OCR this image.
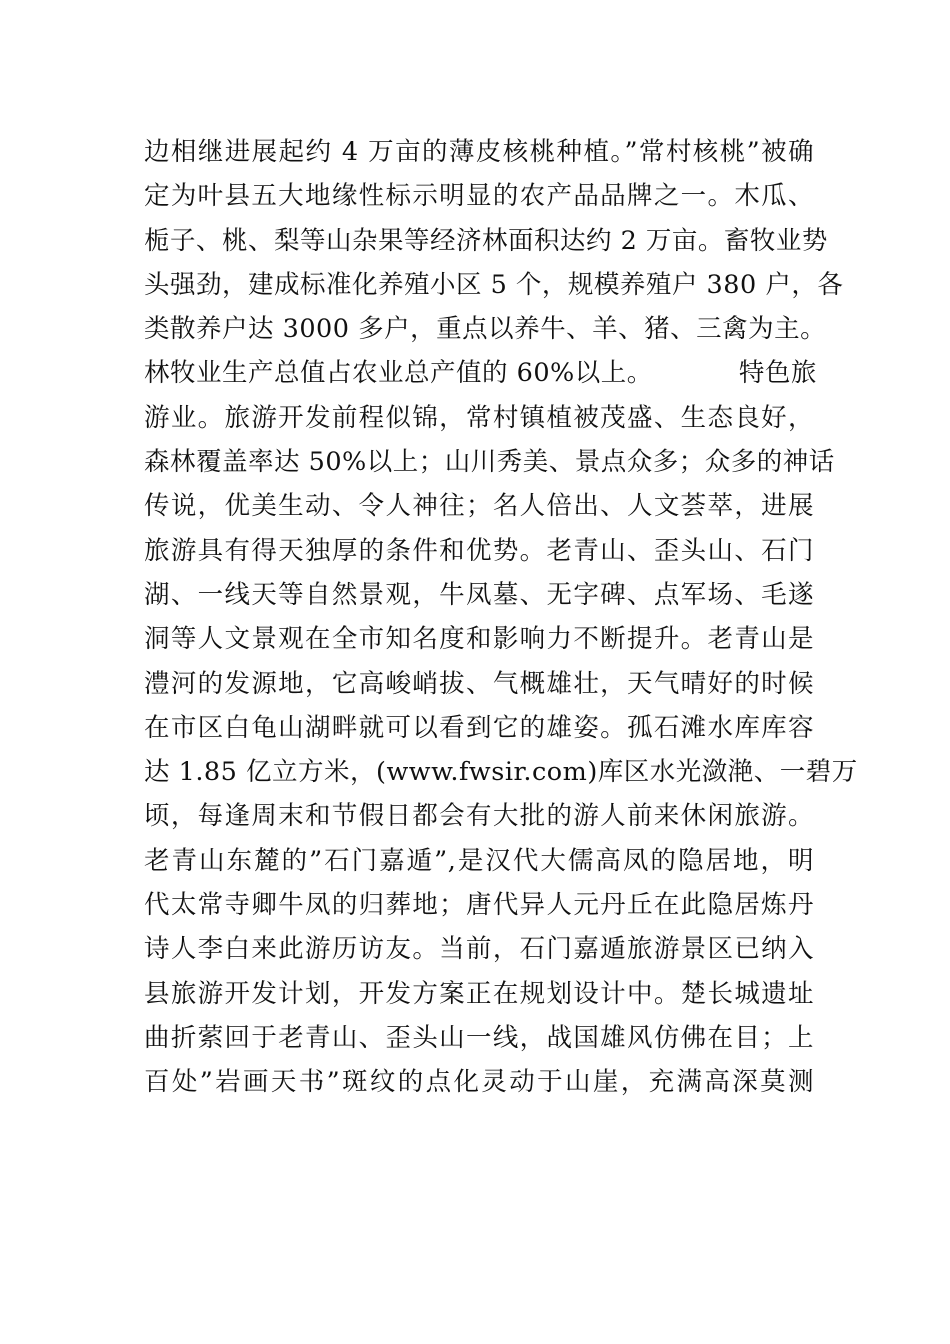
边相继进展起约 4 万亩的薄皮核桃种植。”常村核桃”被确
定为叶县五大地缘性标示明显的农产品品牌之一。木瓜、
栀子、桃、梨等山杂果等经济林面积达约 2 万亩。畜牧业势
头强劲，建成标准化养殖小区 5 个，规模养殖户 380 户，各
类散养户达 3000 多户，重点以养牛、羊、猪、三禽为主。
林牧业生产总值占农业总产值的 60%以上。          特色旅
游业。旅游开发前程似锦，常村镇植被茂盛、生态良好，
森林覆盖率达 50%以上；山川秀美、景点众多；众多的神话
传说，优美生动、令人神往；名人倍出、人文荟萃，进展
旅游具有得天独厚的条件和优势。老青山、歪头山、石门
湖、一线天等自然景观，牛凤墓、无字碑、点军场、毛遂
洞等人文景观在全市知名度和影响力不断提升。老青山是
澧河的发源地，它高峻峭拔、气概雄壮，天气晴好的时候
在市区白龟山湖畔就可以看到它的雄姿。孤石滩水库库容
达 1.85 亿立方米，(www.fwsir.com)库区水光潋滟、一碧万
顷，每逢周末和节假日都会有大批的游人前来休闲旅游。
老青山东麓的”石门嘉遁”,是汉代大儒高凤的隐居地，明
代太常寺卿牛凤的归葬地；唐代异人元丹丘在此隐居炼丹
诗人李白来此游历访友。当前，石门嘉遁旅游景区已纳入
县旅游开发计划，开发方案正在规划设计中。楚长城遗址
曲折萦回于老青山、歪头山一线，战国雄风仿佛在目；上
百处”岩画天书”斑纹的点化灵动于山崖，充满高深莫测
